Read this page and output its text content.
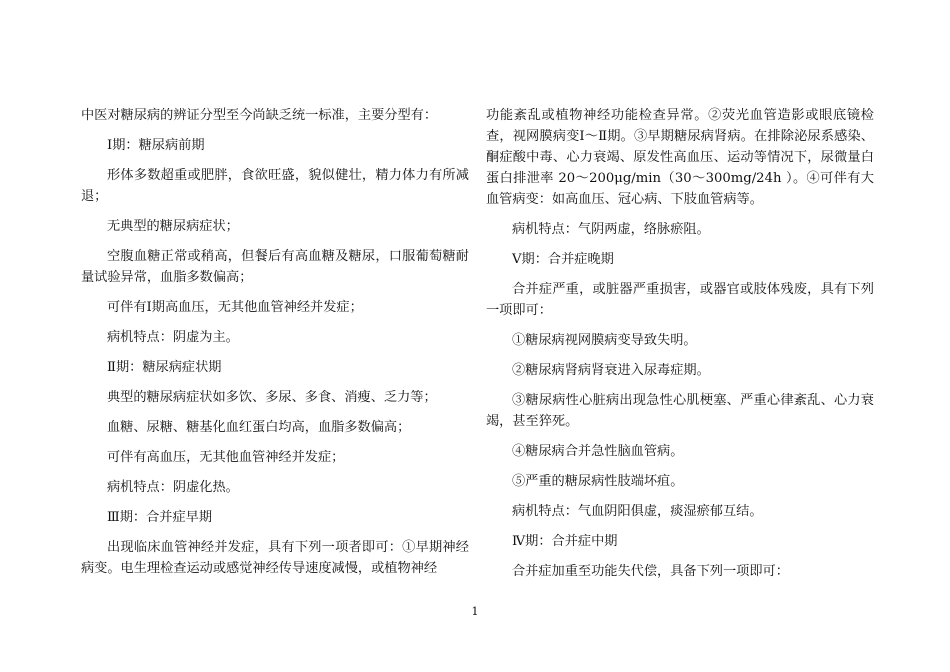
中医对糖尿病的辨证分型至今尚缺乏统一标准，主要分型有：

Ⅰ期：糖尿病前期

形体多数超重或肥胖，食欲旺盛，貌似健壮，精力体力有所减退；

无典型的糖尿病症状；

空腹血糖正常或稍高，但餐后有高血糖及糖尿，口服葡萄糖耐量试验异常，血脂多数偏高；

可伴有Ⅰ期高血压，无其他血管神经并发症；

病机特点：阴虚为主。

Ⅱ期：糖尿病症状期

典型的糖尿病症状如多饮、多尿、多食、消瘦、乏力等；

血糖、尿糖、糖基化血红蛋白均高，血脂多数偏高；

可伴有高血压，无其他血管神经并发症；

病机特点：阴虚化热。

Ⅲ期：合并症早期

出现临床血管神经并发症，具有下列一项者即可：①早期神经病变。电生理检查运动或感觉神经传导速度减慢，或植物神经

功能紊乱或植物神经功能检查异常。②荧光血管造影或眼底镜检查，视网膜病变Ⅰ～Ⅱ期。③早期糖尿病肾病。在排除泌尿系感染、酮症酸中毒、心力衰竭、原发性高血压、运动等情况下，尿微量白蛋白排泄率 20～200μg/min（30～300mg/24h ）。④可伴有大血管病变：如高血压、冠心病、下肢血管病等。

病机特点：气阴两虚，络脉瘀阻。

Ⅴ期：合并症晚期

合并症严重，或脏器严重损害，或器官或肢体残废，具有下列一项即可：

①糖尿病视网膜病变导致失明。

②糖尿病肾病肾衰进入尿毒症期。

③糖尿病性心脏病出现急性心肌梗塞、严重心律紊乱、心力衰竭，甚至猝死。

④糖尿病合并急性脑血管病。

⑤严重的糖尿病性肢端坏疽。

病机特点：气血阴阳俱虚，痰湿瘀郁互结。

Ⅳ期：合并症中期

合并症加重至功能失代偿，具备下列一项即可：

1
